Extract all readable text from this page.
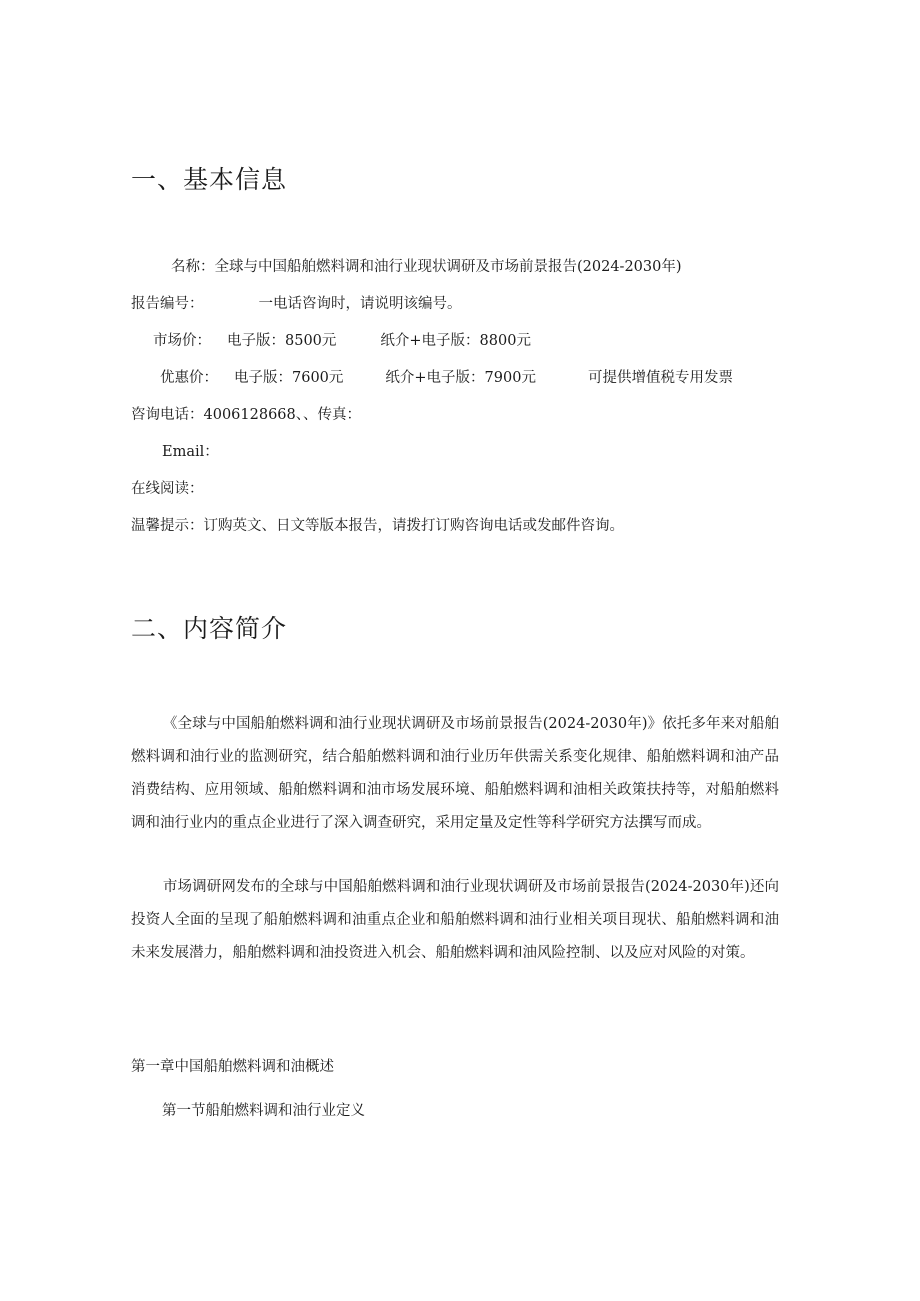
一、基本信息

名称：全球与中国船舶燃料调和油行业现状调研及市场前景报告(2024-2030年)

报告编号：	一电话咨询时，请说明该编号。

市场价： 电子版：8500元	纸介+电子版：8800元

优惠价： 电子版：7600元	纸介+电子版：7900元	可提供增值税专用发票

咨询电话：4006128668、、传真：

Email：

在线阅读：

温馨提示：订购英文、日文等版本报告，请拨打订购咨询电话或发邮件咨询。

二、内容简介

《全球与中国船舶燃料调和油行业现状调研及市场前景报告(2024-2030年)》依托多年来对船舶燃料调和油行业的监测研究，结合船舶燃料调和油行业历年供需关系变化规律、船舶燃料调和油产品消费结构、应用领域、船舶燃料调和油市场发展环境、船舶燃料调和油相关政策扶持等，对船舶燃料调和油行业内的重点企业进行了深入调查研究，采用定量及定性等科学研究方法撰写而成。

市场调研网发布的全球与中国船舶燃料调和油行业现状调研及市场前景报告(2024-2030年)还向投资人全面的呈现了船舶燃料调和油重点企业和船舶燃料调和油行业相关项目现状、船舶燃料调和油未来发展潜力，船舶燃料调和油投资进入机会、船舶燃料调和油风险控制、以及应对风险的对策。

第一章中国船舶燃料调和油概述

第一节船舶燃料调和油行业定义
